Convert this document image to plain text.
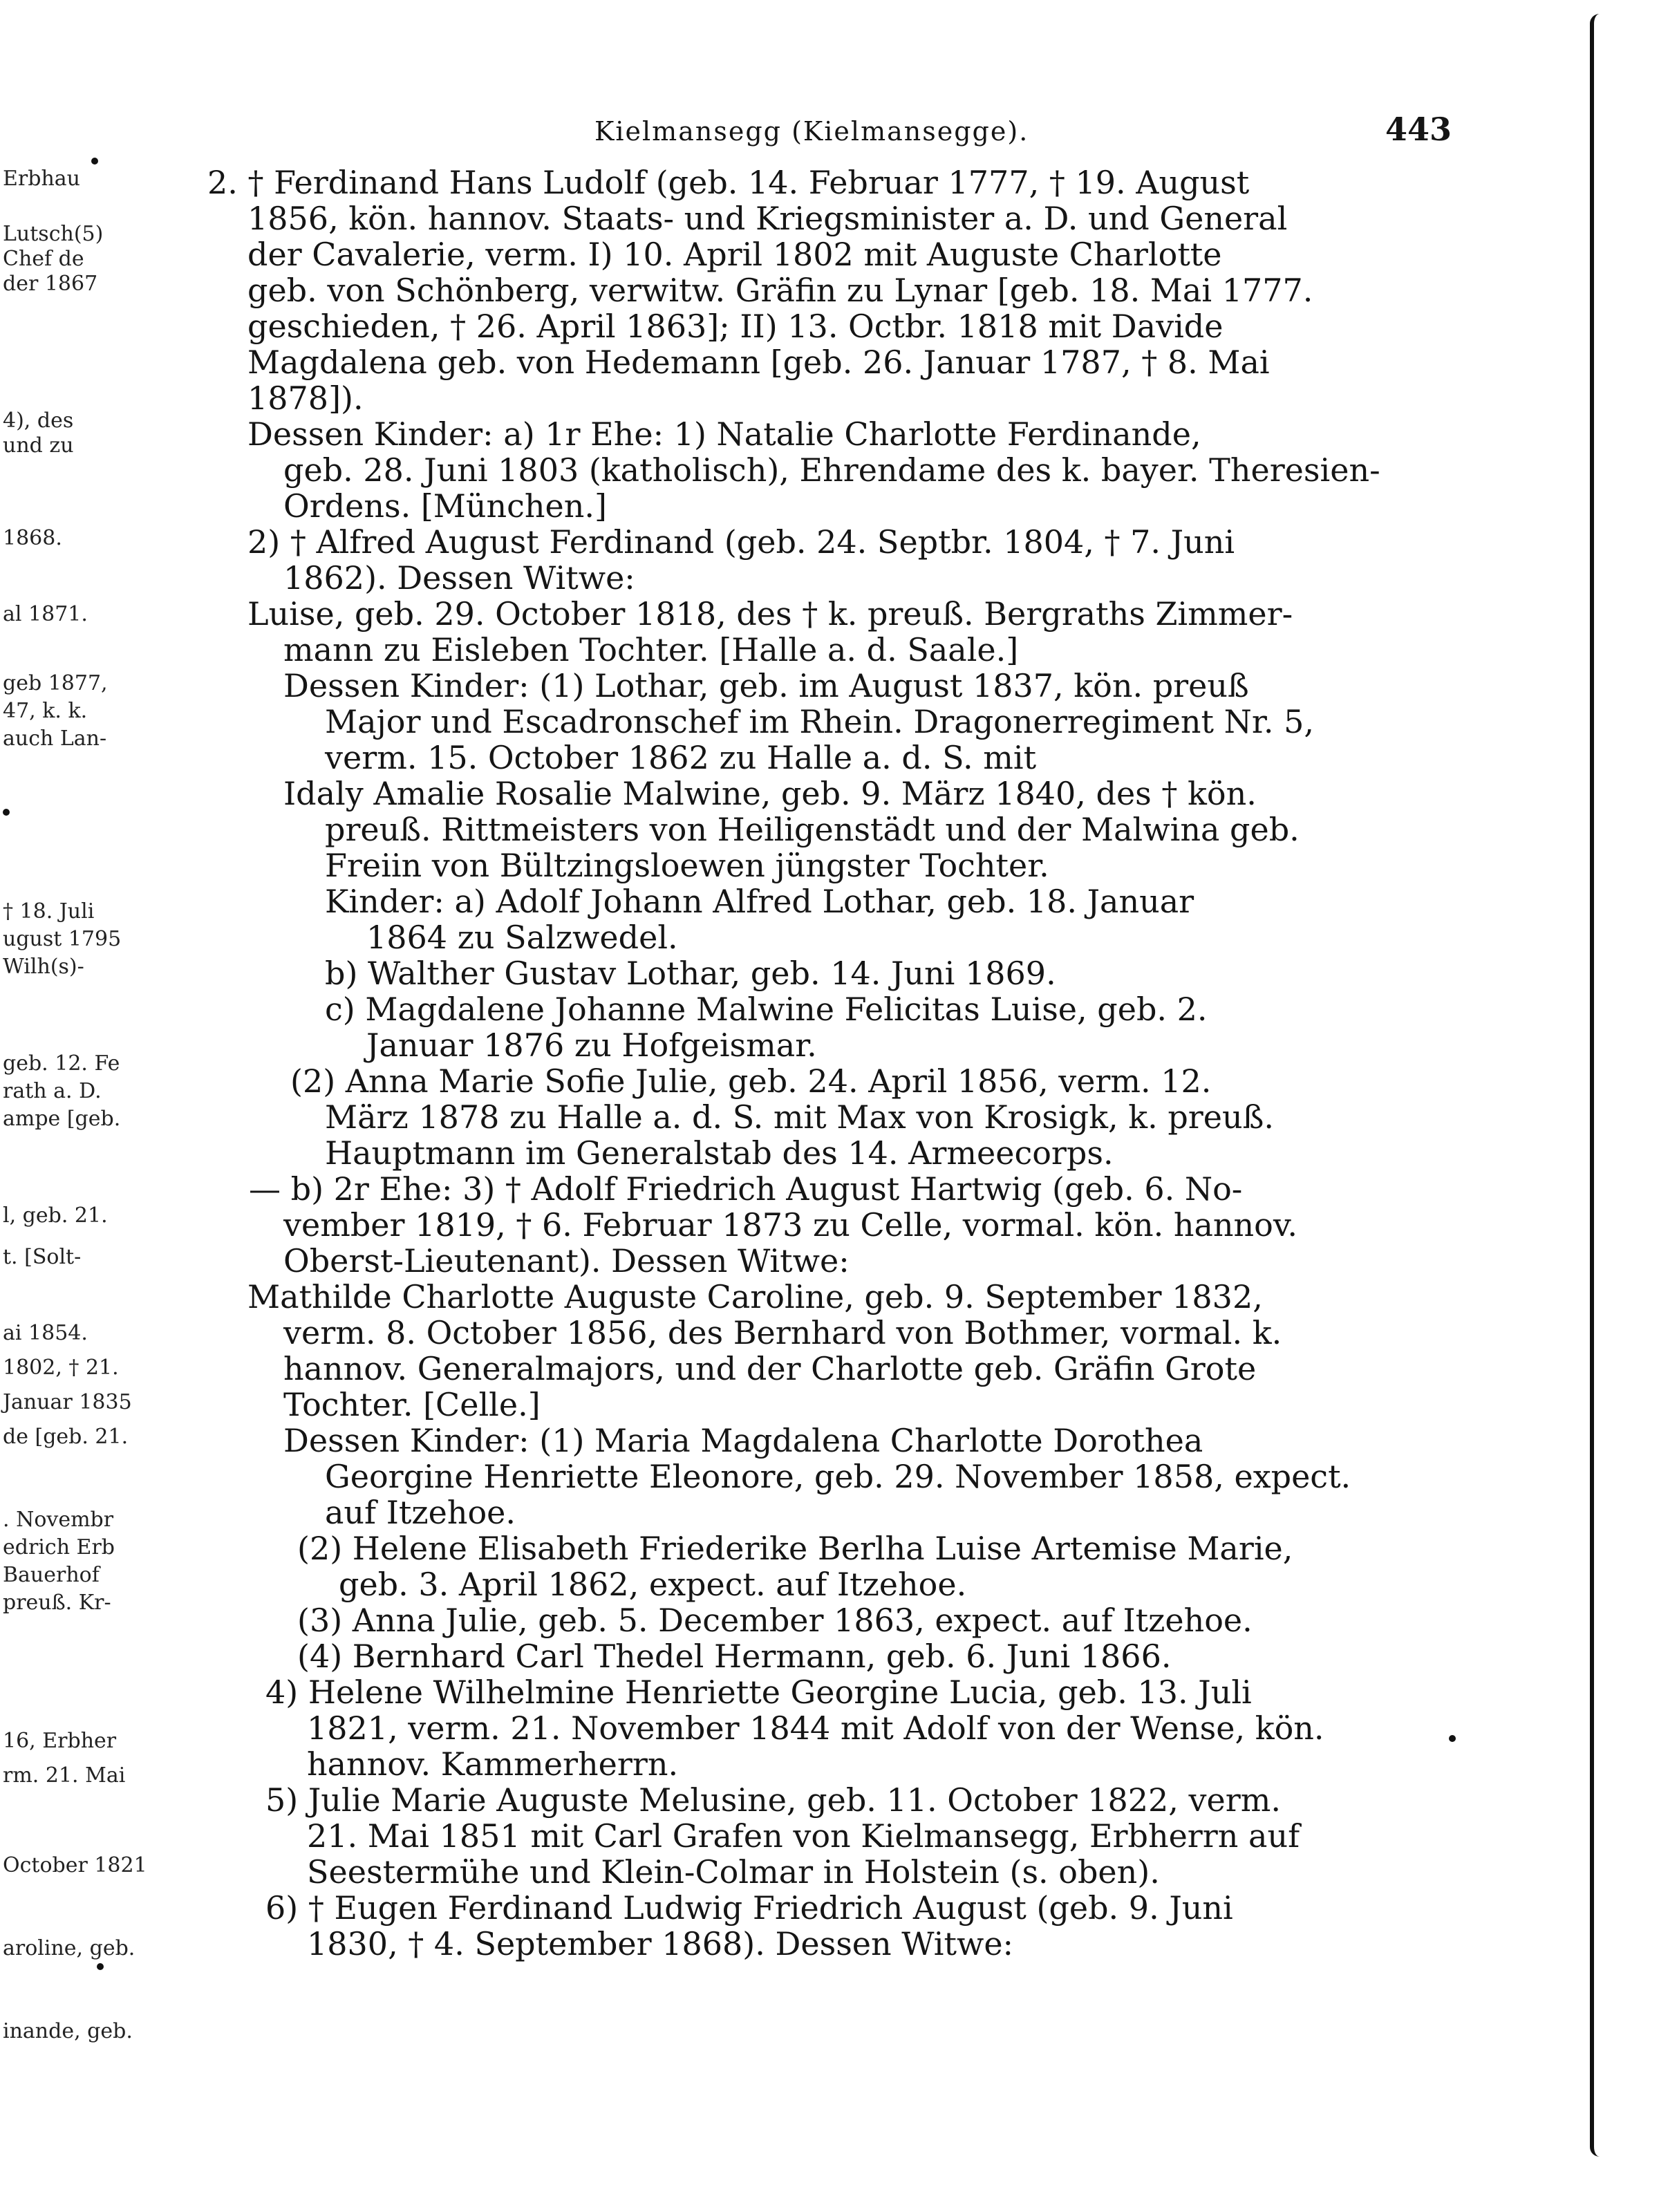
Erbhau
Lutsch(5)
Chef de
der 1867
4), des
und zu
1868.
al 1871.
geb 1877,
47, k. k.
auch Lan-
† 18. Juli
ugust 1795
Wilh(s)-
geb. 12. Fe
rath a. D.
ampe [geb.
l, geb. 21.
t. [Solt-
ai 1854.
1802, † 21.
Januar 1835
de [geb. 21.
. Novembr
edrich Erb
Bauerhof
preuß. Kr-
16, Erbher
rm. 21. Mai
October 1821
aroline, geb.
inande, geb.
Kielmansegg (Kielmansegge).	443
2. † Ferdinand Hans Ludolf (geb. 14. Februar 1777, † 19. August
1856, kön. hannov. Staats- und Kriegsminister a. D. und General
der Cavalerie, verm. I) 10. April 1802 mit Auguste Charlotte
geb. von Schönberg, verwitw. Gräfin zu Lynar [geb. 18. Mai 1777.
geschieden, † 26. April 1863]; II) 13. Octbr. 1818 mit Davide
Magdalena geb. von Hedemann [geb. 26. Januar 1787, † 8. Mai
1878]).
Dessen Kinder: a) 1r Ehe: 1) Natalie Charlotte Ferdinande,
geb. 28. Juni 1803 (katholisch), Ehrendame des k. bayer. Theresien-
Ordens. [München.]
2) † Alfred August Ferdinand (geb. 24. Septbr. 1804, † 7. Juni
1862). Dessen Witwe:
Luise, geb. 29. October 1818, des † k. preuß. Bergraths Zimmer-
mann zu Eisleben Tochter. [Halle a. d. Saale.]
Dessen Kinder: (1) Lothar, geb. im August 1837, kön. preuß
Major und Escadronschef im Rhein. Dragonerregiment Nr. 5,
verm. 15. October 1862 zu Halle a. d. S. mit
Idaly Amalie Rosalie Malwine, geb. 9. März 1840, des † kön.
preuß. Rittmeisters von Heiligenstädt und der Malwina geb.
Freiin von Bültzingsloewen jüngster Tochter.
Kinder: a) Adolf Johann Alfred Lothar, geb. 18. Januar
1864 zu Salzwedel.
b) Walther Gustav Lothar, geb. 14. Juni 1869.
c) Magdalene Johanne Malwine Felicitas Luise, geb. 2.
Januar 1876 zu Hofgeismar.
(2) Anna Marie Sofie Julie, geb. 24. April 1856, verm. 12.
März 1878 zu Halle a. d. S. mit Max von Krosigk, k. preuß.
Hauptmann im Generalstab des 14. Armeecorps.
— b) 2r Ehe: 3) † Adolf Friedrich August Hartwig (geb. 6. No-
vember 1819, † 6. Februar 1873 zu Celle, vormal. kön. hannov.
Oberst-Lieutenant). Dessen Witwe:
Mathilde Charlotte Auguste Caroline, geb. 9. September 1832,
verm. 8. October 1856, des Bernhard von Bothmer, vormal. k.
hannov. Generalmajors, und der Charlotte geb. Gräfin Grote
Tochter. [Celle.]
Dessen Kinder: (1) Maria Magdalena Charlotte Dorothea
Georgine Henriette Eleonore, geb. 29. November 1858, expect.
auf Itzehoe.
(2) Helene Elisabeth Friederike Berlha Luise Artemise Marie,
geb. 3. April 1862, expect. auf Itzehoe.
(3) Anna Julie, geb. 5. December 1863, expect. auf Itzehoe.
(4) Bernhard Carl Thedel Hermann, geb. 6. Juni 1866.
4) Helene Wilhelmine Henriette Georgine Lucia, geb. 13. Juli
1821, verm. 21. November 1844 mit Adolf von der Wense, kön.
hannov. Kammerherrn.
5) Julie Marie Auguste Melusine, geb. 11. October 1822, verm.
21. Mai 1851 mit Carl Grafen von Kielmansegg, Erbherrn auf
Seestermühe und Klein-Colmar in Holstein (s. oben).
6) † Eugen Ferdinand Ludwig Friedrich August (geb. 9. Juni
1830, † 4. September 1868). Dessen Witwe:
